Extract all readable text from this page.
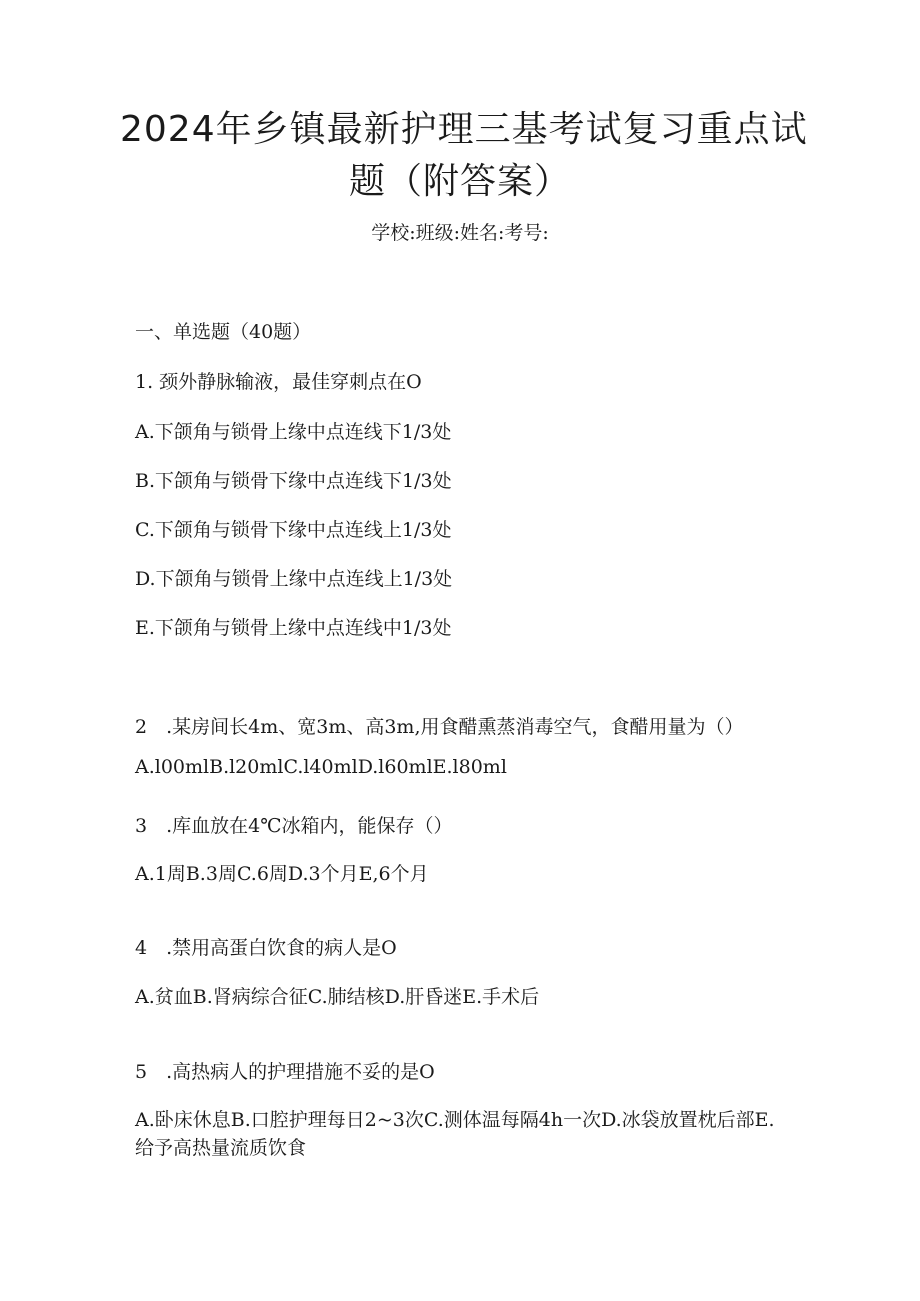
2024年乡镇最新护理三基考试复习重点试
题（附答案）
学校:班级:姓名:考号:
一、单选题（40题）
1. 颈外静脉输液，最佳穿刺点在O
A.下颌角与锁骨上缘中点连线下1/3处
B.下颌角与锁骨下缘中点连线下1/3处
C.下颌角与锁骨下缘中点连线上1/3处
D.下颌角与锁骨上缘中点连线上1/3处
E.下颌角与锁骨上缘中点连线中1/3处
2　.某房间长4m、宽3m、高3m,用食醋熏蒸消毒空气，食醋用量为（）
A.l00mlB.l20mlC.l40mlD.l60mlE.l80ml
3　.库血放在4℃冰箱内，能保存（）
A.1周B.3周C.6周D.3个月E,6个月
4　.禁用高蛋白饮食的病人是O
A.贫血B.肾病综合征C.肺结核D.肝昏迷E.手术后
5　.高热病人的护理措施不妥的是O
A.卧床休息B.口腔护理每日2~3次C.测体温每隔4h一次D.冰袋放置枕后部E.给予高热量流质饮食
